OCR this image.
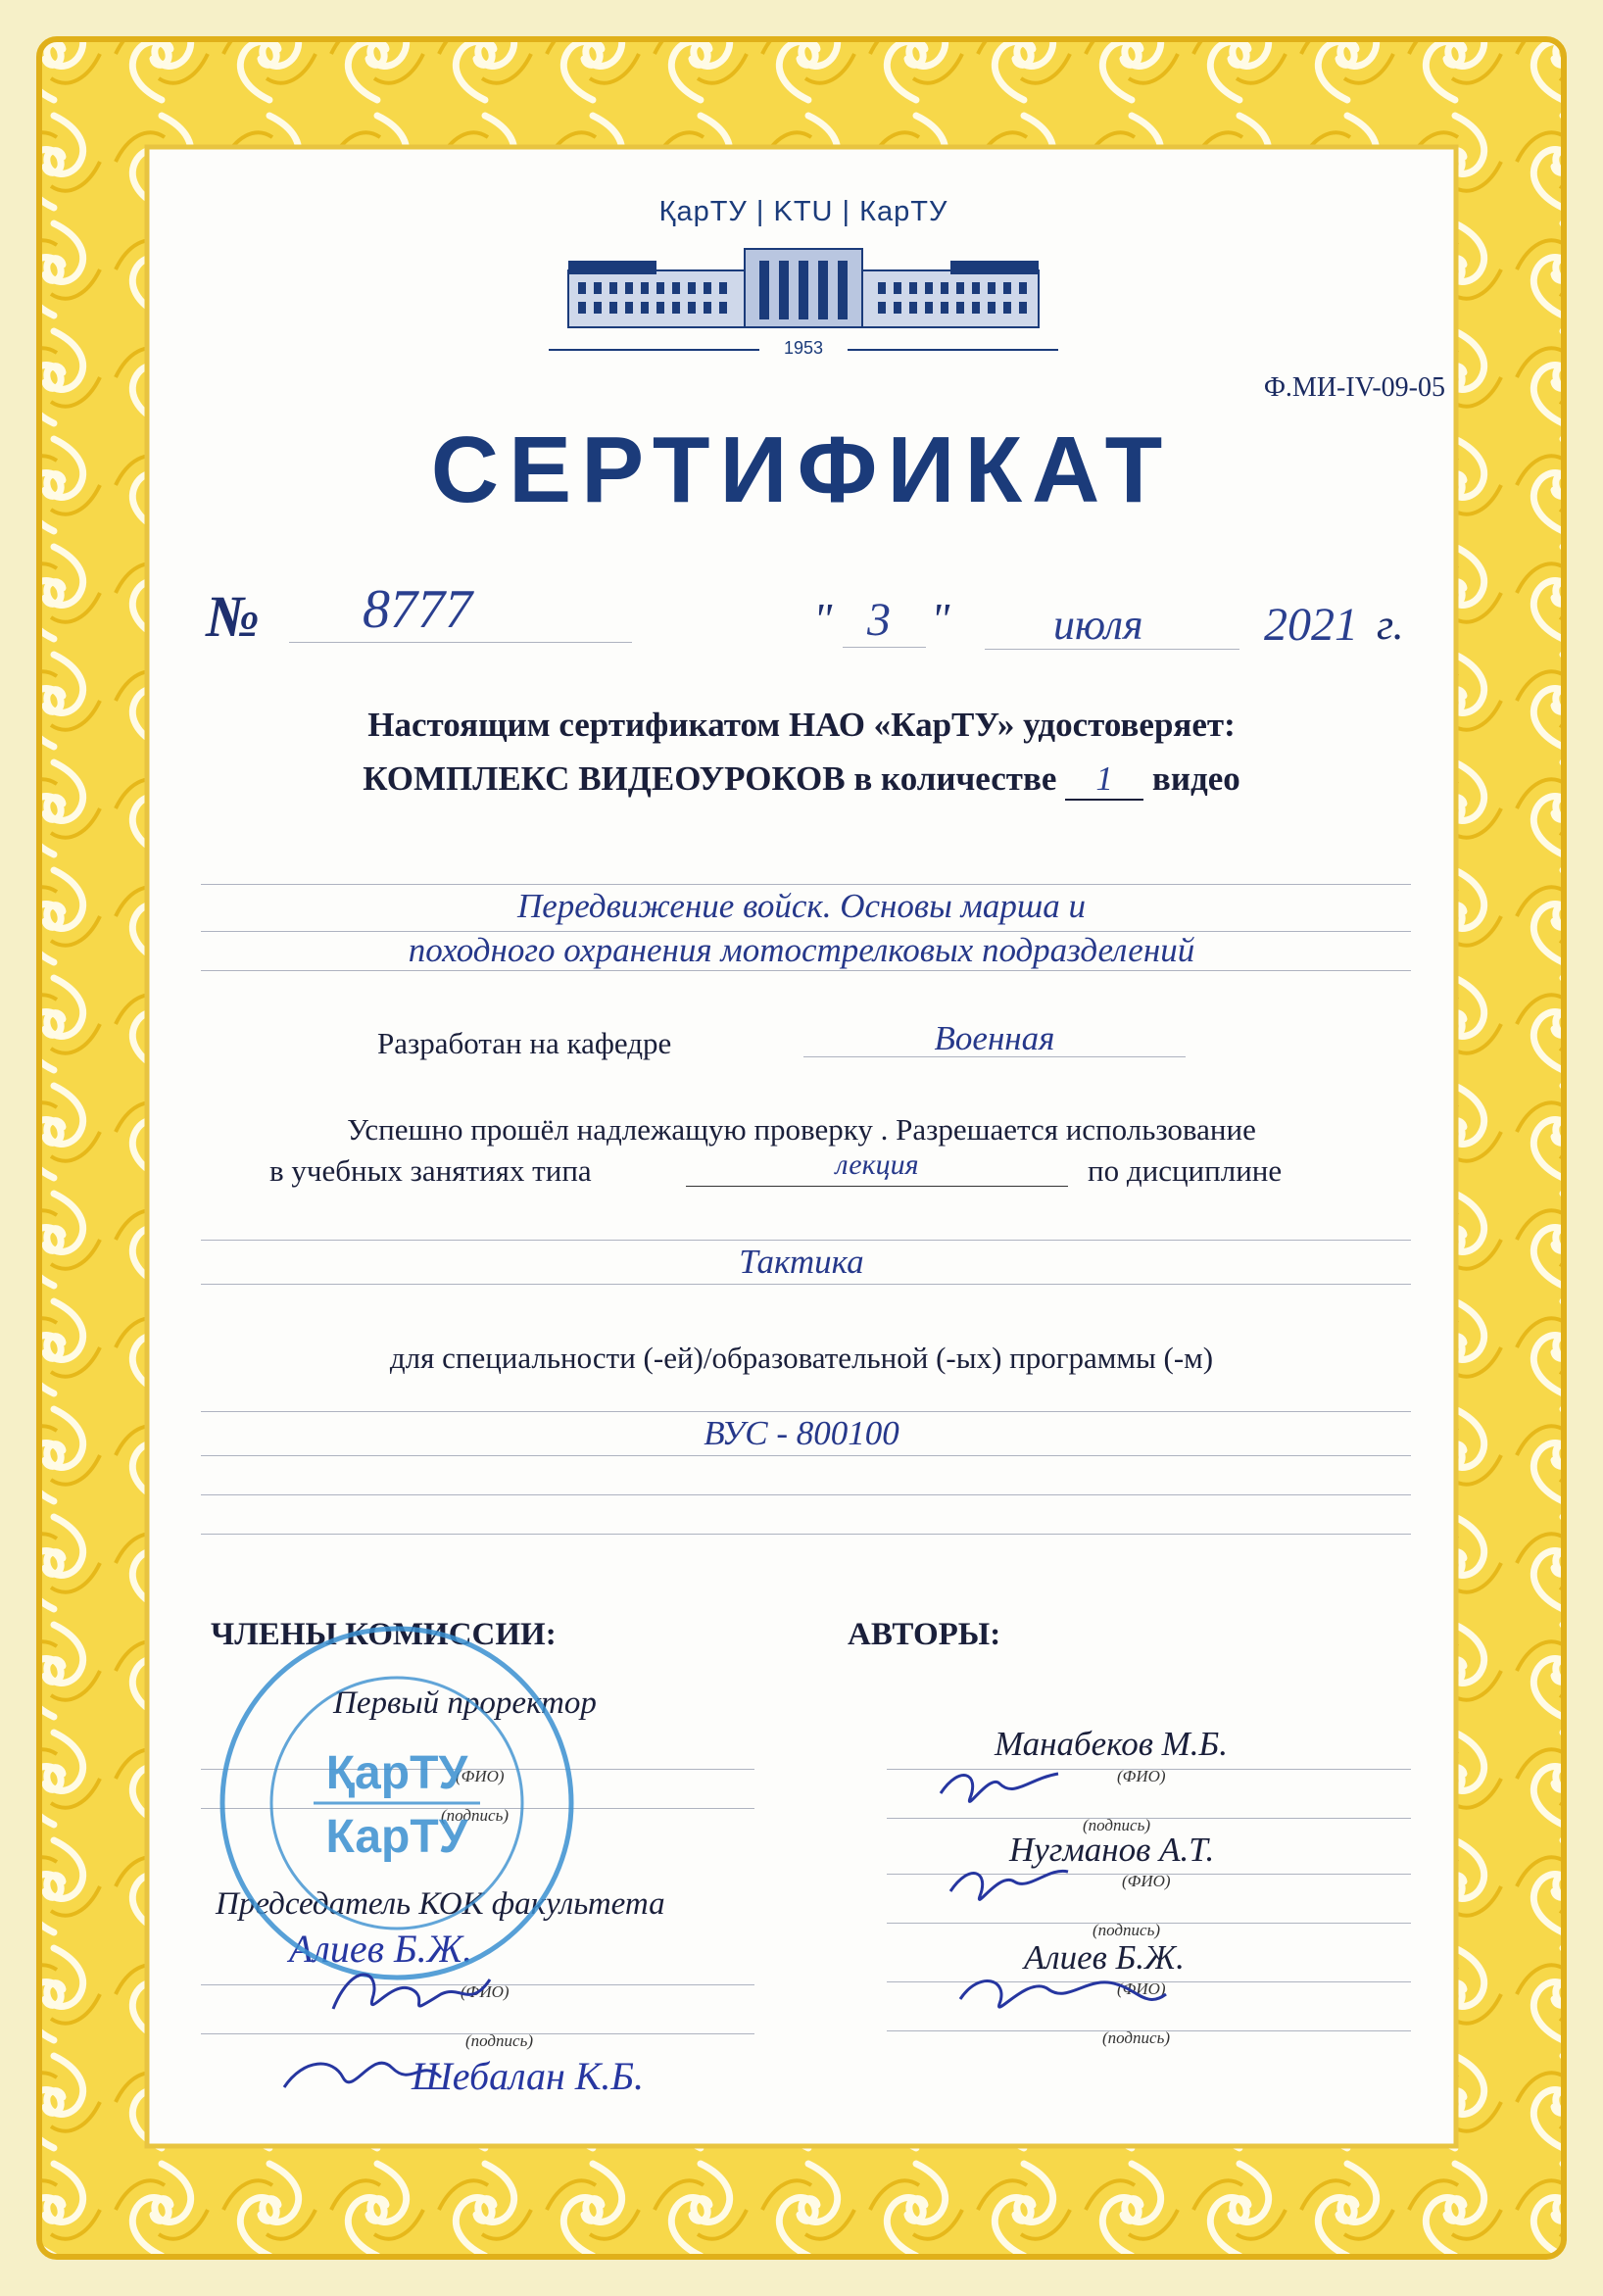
ҚарТУ | KTU | КарТУ
1953
Ф.МИ-IV-09-05
СЕРТИФИКАТ
№ 8777	" 3 " июля	2021 г.
Настоящим сертификатом НАО «КарТУ» удостоверяет:
КОМПЛЕКС ВИДЕОУРОКОВ в количестве 1 видео
Передвижение войск. Основы марша и
походного охранения мотострелковых подразделений
Разработан на кафедре	Военная
Успешно прошёл надлежащую проверку . Разрешается использование
в учебных занятиях типа	лекция	по дисциплине
Тактика
для специальности (-ей)/образовательной (-ых) программы (-м)
ВУС - 800100
ЧЛЕНЫ КОМИССИИ:
Первый проректор
(ФИО)
(подпись)
Председатель КОК факультета
Алиев Б.Ж.
(ФИО)
(подпись)
Шебалан К.Б.
ҚарТУ
КарТУ
АВТОРЫ:
Манабеков М.Б.
(ФИО)
(подпись)
Нугманов А.Т.
(ФИО)
(подпись)
Алиев Б.Ж.
(ФИО)
(подпись)
